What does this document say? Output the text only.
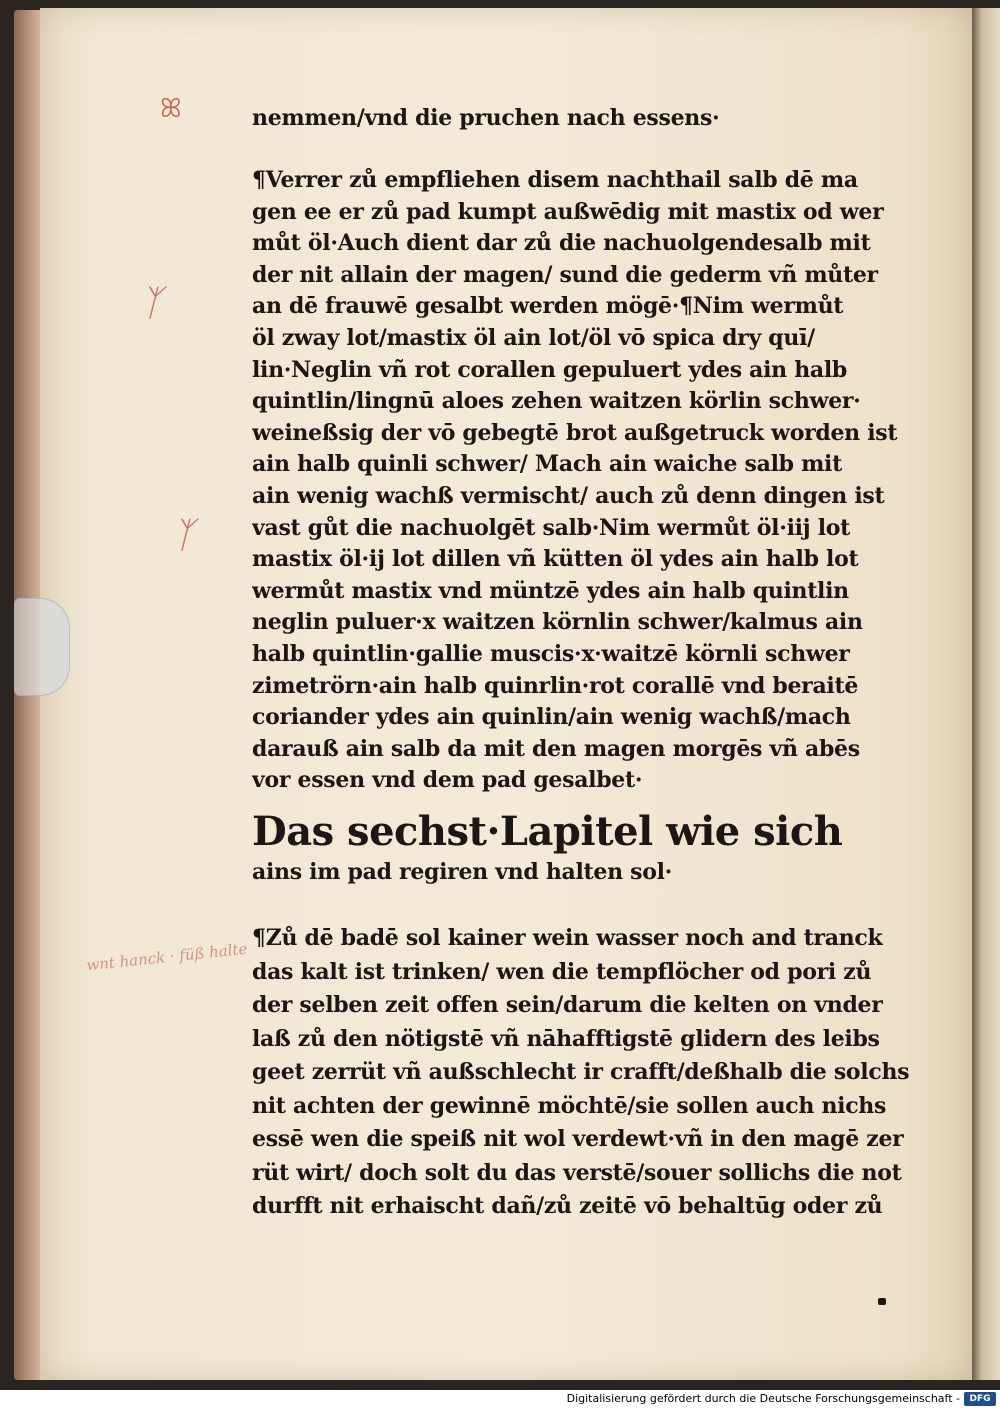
ꕤ
ᛉ
ᛉ
wnt hanck · füß halte
nemmen/vnd die pruchen nach essens·
¶Verrer zů empfliehen disem nachthail salb dē ma
gen ee er zů pad kumpt außwēdig mit mastix od wer
můt öl·Auch dient dar zů die nachuolgendesalb mit
der nit allain der magen/ sund die gederm vñ můter
an dē frauwē gesalbt werden mögē·¶Nim wermůt
öl zway lot/mastix öl ain lot/öl vō spica dry quī/
lin·Neglin vñ rot corallen gepuluert ydes ain halb
quintlin/lingnū aloes zehen waitzen körlin schwer·
weineßsig der vō gebegtē brot außgetruck worden ist
ain halb quinli schwer/ Mach ain waiche salb mit
ain wenig wachß vermischt/ auch zů denn dingen ist
vast gůt die nachuolgēt salb·Nim wermůt öl·iij lot
mastix öl·ij lot dillen vñ kütten öl ydes ain halb lot
wermůt mastix vnd müntzē ydes ain halb quintlin
neglin puluer·x waitzen körnlin schwer/kalmus ain
halb quintlin·gallie muscis·x·waitzē körnli schwer
zimetrörn·ain halb quinrlin·rot corallē vnd beraitē
coriander ydes ain quinlin/ain wenig wachß/mach
darauß ain salb da mit den magen morgēs vñ abēs
vor essen vnd dem pad gesalbet·
Das sechst·Lapitel wie sich
ains im pad regiren vnd halten sol·
¶Zů dē badē sol kainer wein wasser noch and tranck
das kalt ist trinken/ wen die tempflöcher od pori zů
der selben zeit offen sein/darum die kelten on vnder
laß zů den nötigstē vñ nāhafftigstē glidern des leibs
geet zerrüt vñ außschlecht ir crafft/deßhalb die solchs
nit achten der gewinnē möchtē/sie sollen auch nichs
essē wen die speiß nit wol verdewt·vñ in den magē zer
rüt wirt/ doch solt du das verstē/souer sollichs die not
durfft nit erhaischt dañ/zů zeitē vō behaltūg oder zů
Digitalisierung gefördert durch die Deutsche Forschungsgemeinschaft -	DFG
